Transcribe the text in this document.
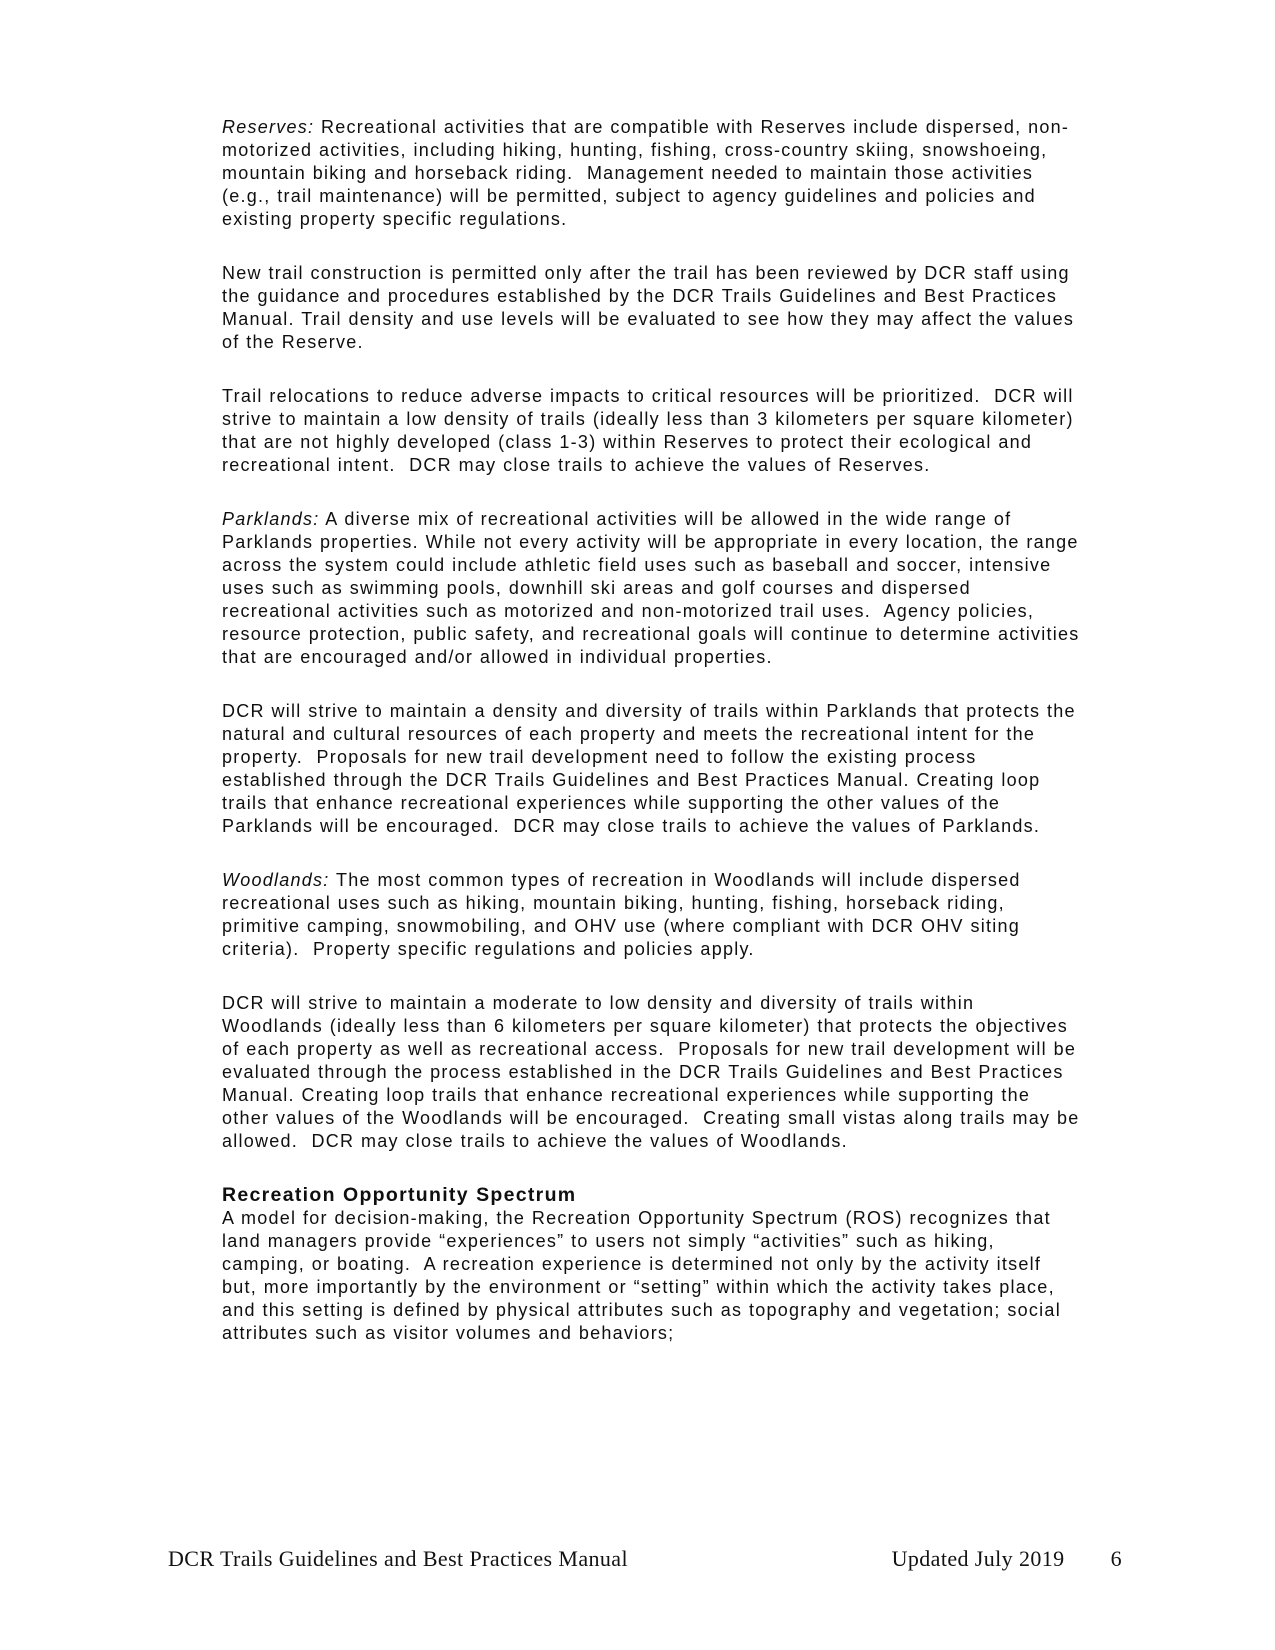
Reserves: Recreational activities that are compatible with Reserves include dispersed, non-motorized activities, including hiking, hunting, fishing, cross-country skiing, snowshoeing, mountain biking and horseback riding.  Management needed to maintain those activities (e.g., trail maintenance) will be permitted, subject to agency guidelines and policies and existing property specific regulations.

New trail construction is permitted only after the trail has been reviewed by DCR staff using the guidance and procedures established by the DCR Trails Guidelines and Best Practices Manual. Trail density and use levels will be evaluated to see how they may affect the values of the Reserve.

Trail relocations to reduce adverse impacts to critical resources will be prioritized.  DCR will strive to maintain a low density of trails (ideally less than 3 kilometers per square kilometer) that are not highly developed (class 1-3) within Reserves to protect their ecological and recreational intent.  DCR may close trails to achieve the values of Reserves.

Parklands: A diverse mix of recreational activities will be allowed in the wide range of Parklands properties. While not every activity will be appropriate in every location, the range across the system could include athletic field uses such as baseball and soccer, intensive uses such as swimming pools, downhill ski areas and golf courses and dispersed recreational activities such as motorized and non-motorized trail uses.  Agency policies, resource protection, public safety, and recreational goals will continue to determine activities that are encouraged and/or allowed in individual properties.

DCR will strive to maintain a density and diversity of trails within Parklands that protects the natural and cultural resources of each property and meets the recreational intent for the property.  Proposals for new trail development need to follow the existing process established through the DCR Trails Guidelines and Best Practices Manual. Creating loop trails that enhance recreational experiences while supporting the other values of the Parklands will be encouraged.  DCR may close trails to achieve the values of Parklands.

Woodlands: The most common types of recreation in Woodlands will include dispersed recreational uses such as hiking, mountain biking, hunting, fishing, horseback riding, primitive camping, snowmobiling, and OHV use (where compliant with DCR OHV siting criteria).  Property specific regulations and policies apply.

DCR will strive to maintain a moderate to low density and diversity of trails within Woodlands (ideally less than 6 kilometers per square kilometer) that protects the objectives of each property as well as recreational access.  Proposals for new trail development will be evaluated through the process established in the DCR Trails Guidelines and Best Practices Manual. Creating loop trails that enhance recreational experiences while supporting the other values of the Woodlands will be encouraged.  Creating small vistas along trails may be allowed.  DCR may close trails to achieve the values of Woodlands.

Recreation Opportunity Spectrum

A model for decision-making, the Recreation Opportunity Spectrum (ROS) recognizes that land managers provide “experiences” to users not simply “activities” such as hiking, camping, or boating.  A recreation experience is determined not only by the activity itself but, more importantly by the environment or “setting” within which the activity takes place, and this setting is defined by physical attributes such as topography and vegetation; social attributes such as visitor volumes and behaviors;

DCR Trails Guidelines and Best Practices Manual	Updated July 2019 6
